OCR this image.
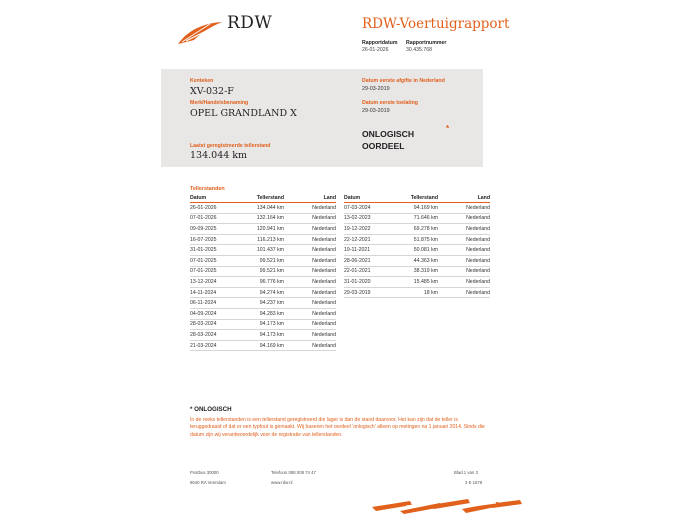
RDW	RDW-Voertuigrapport
Rapportdatum
26-01-2026
Rapportnummer
30.435.768
Kenteken
XV-032-F
Merk/Handelsbenaming
OPEL GRANDLAND X
Laatst geregistreerde tellerstand
134.044 km
Datum eerste afgifte in Nederland
29-03-2019
Datum eerste toelating
29-03-2019
ONLOGISCH OORDEEL
*
Tellerstanden
Datum	Tellerstand	Land
26-01-2026	134.044 km	Nederland
07-01-2026	132.164 km	Nederland
09-09-2025	120.941 km	Nederland
16-07-2025	116.213 km	Nederland
31-01-2025	101.437 km	Nederland
07-01-2025	99.521 km	Nederland
07-01-2025	99.521 km	Nederland
13-12-2024	96.776 km	Nederland
14-11-2024	94.274 km	Nederland
06-11-2024	94.237 km	Nederland
04-09-2024	94.283 km	Nederland
28-03-2024	94.173 km	Nederland
28-03-2024	94.173 km	Nederland
21-03-2024	94.169 km	Nederland
Datum	Tellerstand	Land
07-03-2024	94.169 km	Nederland
13-02-2023	71.646 km	Nederland
19-12-2022	69.278 km	Nederland
22-12-2021	51.875 km	Nederland
19-11-2021	50.081 km	Nederland
28-06-2021	44.363 km	Nederland
22-01-2021	38.319 km	Nederland
31-01-2020	15.485 km	Nederland
29-03-2019	18 km	Nederland
* ONLOGISCH
In de reeks tellerstanden is een tellerstand geregistreerd die lager is dan de stand daarvoor. Het kan zijn dat de teller is teruggedraaid of dat er een typfout is gemaakt. Wij baseren het oordeel 'onlogisch' alleen op metingen na 1 januari 2014. Sinds die datum zijn wij verantwoordelijk voor de registratie van tellerstanden.
Postbus 30000
9640 RA Veendam
Telefoon 088 008 74 47
www.rdw.nl
Blad 1 van 3
3 E 1678
